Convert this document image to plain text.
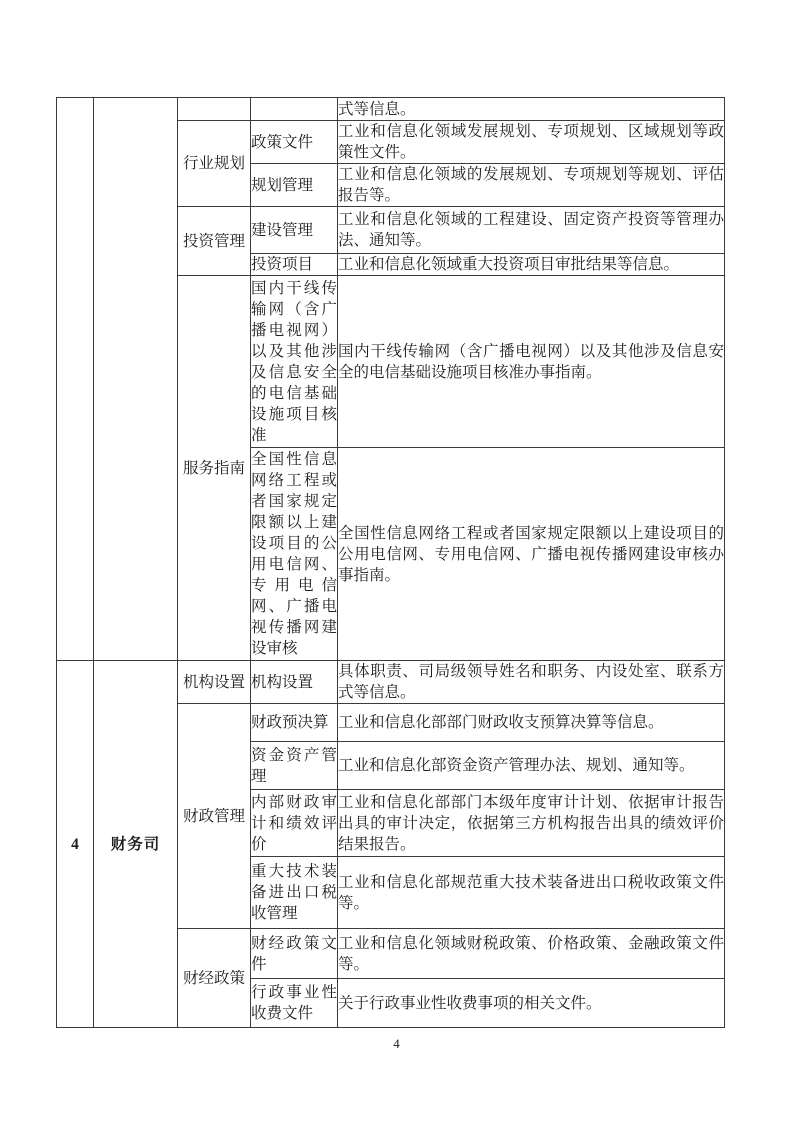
				式等信息。
		行业规划	政策文件	工业和信息化领域发展规划、专项规划、区域规划等政策性文件。
			规划管理	工业和信息化领域的发展规划、专项规划等规划、评估报告等。
		投资管理	建设管理	工业和信息化领域的工程建设、固定资产投资等管理办法、通知等。
			投资项目	工业和信息化领域重大投资项目审批结果等信息。
		服务指南	国内干线传输网（含广播电视网）以及其他涉及信息安全的电信基础设施项目核准	国内干线传输网（含广播电视网）以及其他涉及信息安全的电信基础设施项目核准办事指南。
			全国性信息网络工程或者国家规定限额以上建设项目的公用电信网、专用电信网、广播电视传播网建设审核	全国性信息网络工程或者国家规定限额以上建设项目的公用电信网、专用电信网、广播电视传播网建设审核办事指南。
4	财务司	机构设置	机构设置	具体职责、司局级领导姓名和职务、内设处室、联系方式等信息。
		财政管理	财政预决算	工业和信息化部部门财政收支预算决算等信息。
			资金资产管理	工业和信息化部资金资产管理办法、规划、通知等。
			内部财政审计和绩效评价	工业和信息化部部门本级年度审计计划、依据审计报告出具的审计决定，依据第三方机构报告出具的绩效评价结果报告。
			重大技术装备进出口税收管理	工业和信息化部规范重大技术装备进出口税收政策文件等。
		财经政策	财经政策文件	工业和信息化领域财税政策、价格政策、金融政策文件等。
			行政事业性收费文件	关于行政事业性收费事项的相关文件。
4
